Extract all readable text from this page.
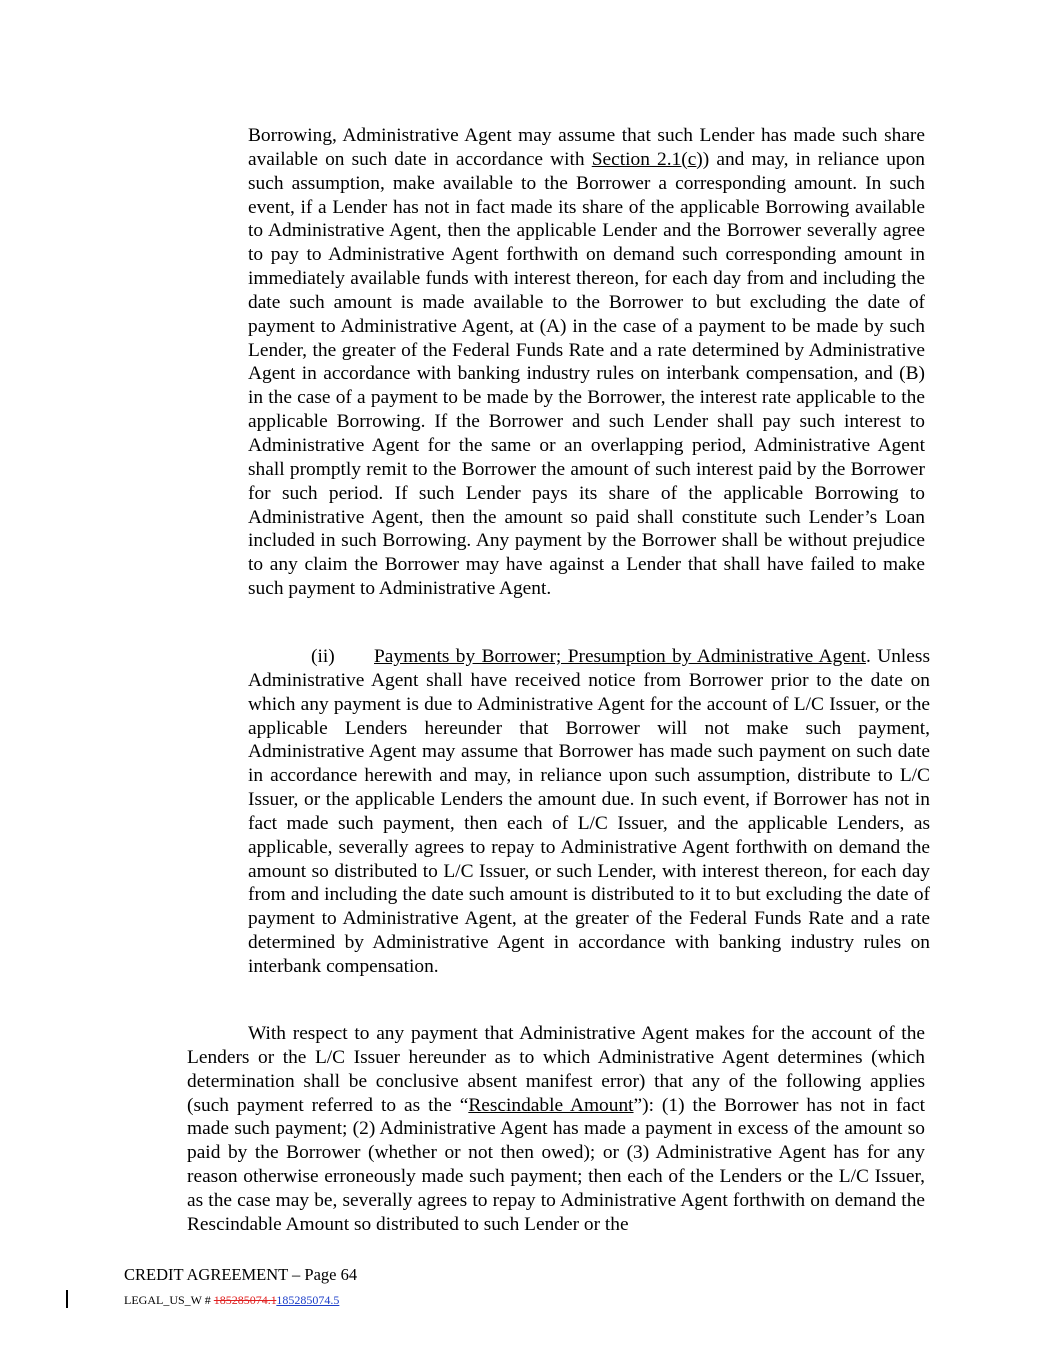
Borrowing, Administrative Agent may assume that such Lender has made such share available on such date in accordance with Section 2.1(c)) and may, in reliance upon such assumption, make available to the Borrower a corresponding amount. In such event, if a Lender has not in fact made its share of the applicable Borrowing available to Administrative Agent, then the applicable Lender and the Borrower severally agree to pay to Administrative Agent forthwith on demand such corresponding amount in immediately available funds with interest thereon, for each day from and including the date such amount is made available to the Borrower to but excluding the date of payment to Administrative Agent, at (A) in the case of a payment to be made by such Lender, the greater of the Federal Funds Rate and a rate determined by Administrative Agent in accordance with banking industry rules on interbank compensation, and (B) in the case of a payment to be made by the Borrower, the interest rate applicable to the applicable Borrowing. If the Borrower and such Lender shall pay such interest to Administrative Agent for the same or an overlapping period, Administrative Agent shall promptly remit to the Borrower the amount of such interest paid by the Borrower for such period. If such Lender pays its share of the applicable Borrowing to Administrative Agent, then the amount so paid shall constitute such Lender’s Loan included in such Borrowing. Any payment by the Borrower shall be without prejudice to any claim the Borrower may have against a Lender that shall have failed to make such payment to Administrative Agent.

(ii) Payments by Borrower; Presumption by Administrative Agent. Unless Administrative Agent shall have received notice from Borrower prior to the date on which any payment is due to Administrative Agent for the account of L/C Issuer, or the applicable Lenders hereunder that Borrower will not make such payment, Administrative Agent may assume that Borrower has made such payment on such date in accordance herewith and may, in reliance upon such assumption, distribute to L/C Issuer, or the applicable Lenders the amount due. In such event, if Borrower has not in fact made such payment, then each of L/C Issuer, and the applicable Lenders, as applicable, severally agrees to repay to Administrative Agent forthwith on demand the amount so distributed to L/C Issuer, or such Lender, with interest thereon, for each day from and including the date such amount is distributed to it to but excluding the date of payment to Administrative Agent, at the greater of the Federal Funds Rate and a rate determined by Administrative Agent in accordance with banking industry rules on interbank compensation.

With respect to any payment that Administrative Agent makes for the account of the Lenders or the L/C Issuer hereunder as to which Administrative Agent determines (which determination shall be conclusive absent manifest error) that any of the following applies (such payment referred to as the “Rescindable Amount”): (1) the Borrower has not in fact made such payment; (2) Administrative Agent has made a payment in excess of the amount so paid by the Borrower (whether or not then owed); or (3) Administrative Agent has for any reason otherwise erroneously made such payment; then each of the Lenders or the L/C Issuer, as the case may be, severally agrees to repay to Administrative Agent forthwith on demand the Rescindable Amount so distributed to such Lender or the

CREDIT AGREEMENT – Page 64
LEGAL_US_W # 185285074.1185285074.5
